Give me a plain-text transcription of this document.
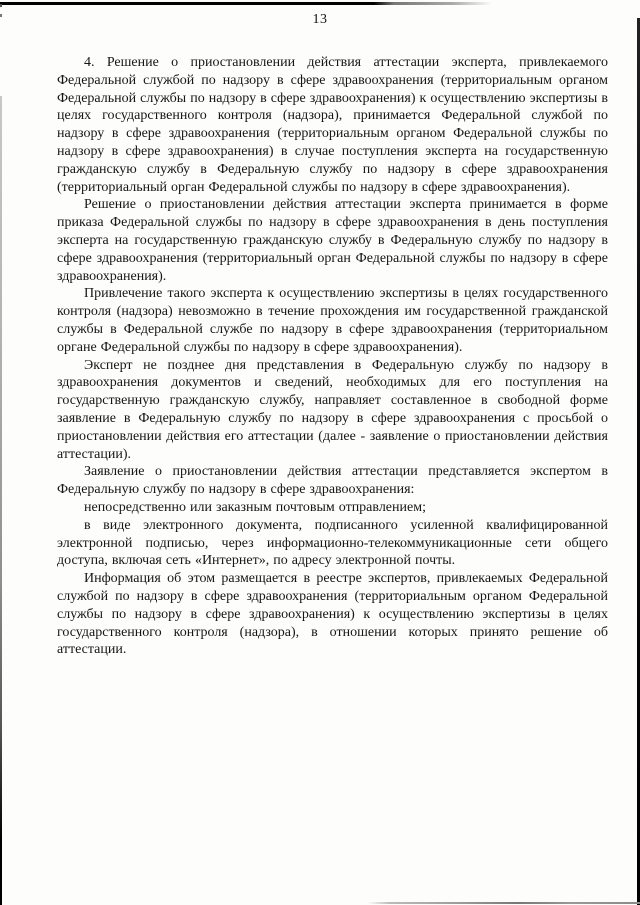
13

4. Решение о приостановлении действия аттестации эксперта, привлекаемого Федеральной службой по надзору в сфере здравоохранения (территориальным органом Федеральной службы по надзору в сфере здравоохранения) к осуществлению экспертизы в целях государственного контроля (надзора), принимается Федеральной службой по надзору в сфере здравоохранения (территориальным органом Федеральной службы по надзору в сфере здравоохранения) в случае поступления эксперта на государственную гражданскую службу в Федеральную службу по надзору в сфере здравоохранения (территориальный орган Федеральной службы по надзору в сфере здравоохранения).

Решение о приостановлении действия аттестации эксперта принимается в форме приказа Федеральной службы по надзору в сфере здравоохранения в день поступления эксперта на государственную гражданскую службу в Федеральную службу по надзору в сфере здравоохранения (территориальный орган Федеральной службы по надзору в сфере здравоохранения).

Привлечение такого эксперта к осуществлению экспертизы в целях государственного контроля (надзора) невозможно в течение прохождения им государственной гражданской службы в Федеральной службе по надзору в сфере здравоохранения (территориальном органе Федеральной службы по надзору в сфере здравоохранения).

Эксперт не позднее дня представления в Федеральную службу по надзору в здравоохранения документов и сведений, необходимых для его поступления на государственную гражданскую службу, направляет составленное в свободной форме заявление в Федеральную службу по надзору в сфере здравоохранения с просьбой о приостановлении действия его аттестации (далее - заявление о приостановлении действия аттестации).

Заявление о приостановлении действия аттестации представляется экспертом в Федеральную службу по надзору в сфере здравоохранения:

непосредственно или заказным почтовым отправлением;

в виде электронного документа, подписанного усиленной квалифицированной электронной подписью, через информационно-телекоммуникационные сети общего доступа, включая сеть «Интернет», по адресу электронной почты.

Информация об этом размещается в реестре экспертов, привлекаемых Федеральной службой по надзору в сфере здравоохранения (территориальным органом Федеральной службы по надзору в сфере здравоохранения) к осуществлению экспертизы в целях государственного контроля (надзора), в отношении которых принято решение об аттестации.
